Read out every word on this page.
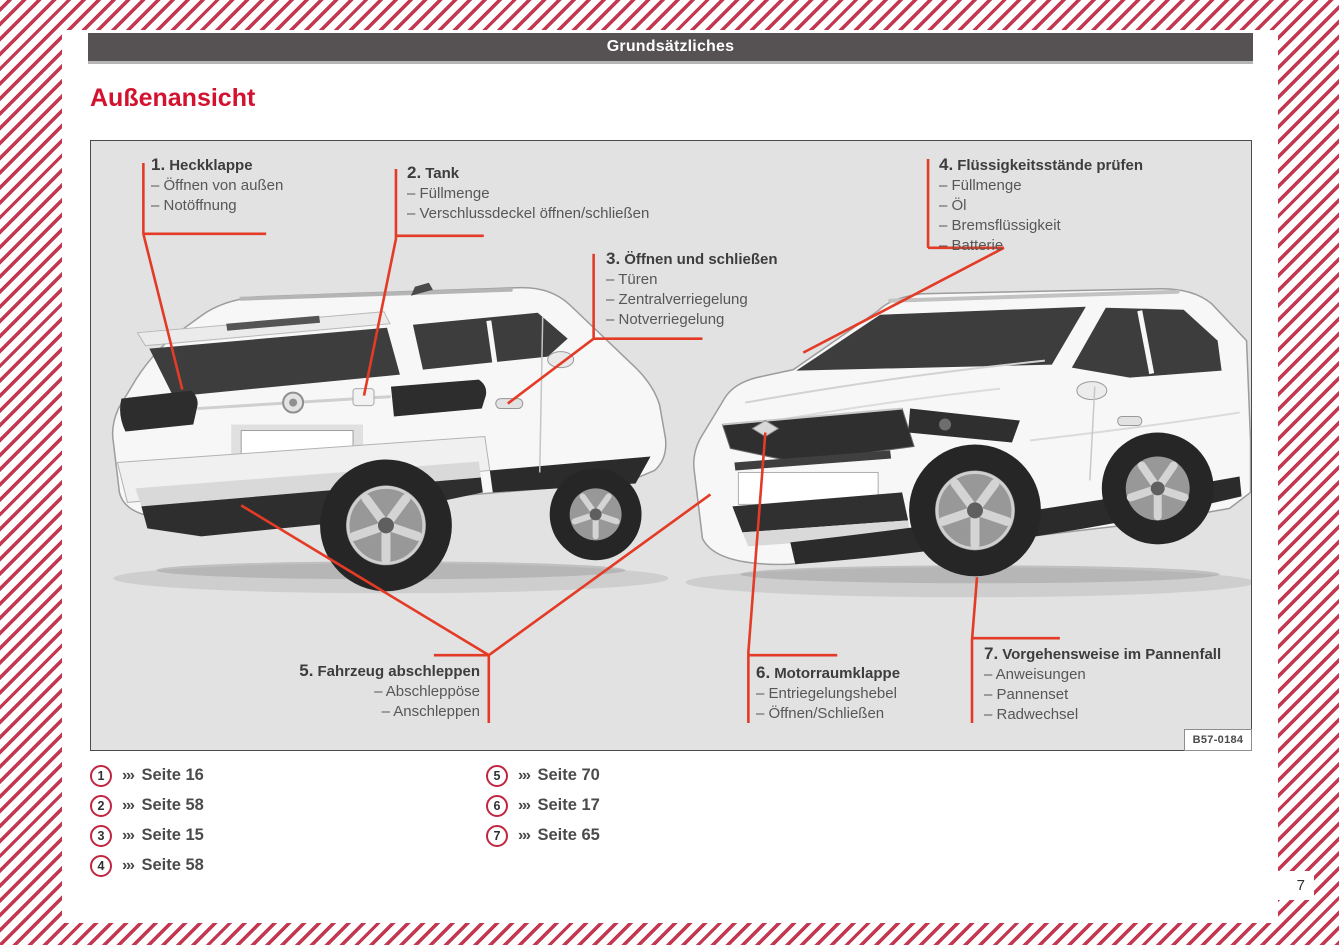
Grundsätzliches
Außenansicht
1. Heckklappe
– Öffnen von außen
– Notöffnung
2. Tank
– Füllmenge
– Verschlussdeckel öffnen/schließen
3. Öffnen und schließen
– Türen
– Zentralverriegelung
– Notverriegelung
4. Flüssigkeitsstände prüfen
– Füllmenge
– Öl
– Bremsflüssigkeit
– Batterie
5. Fahrzeug abschleppen
– Abschleppöse
– Anschleppen
6. Motorraumklappe
– Entriegelungshebel
– Öffnen/Schließen
7. Vorgehensweise im Pannenfall
– Anweisungen
– Pannenset
– Radwechsel
B57-0184
1	››› Seite 16
2	››› Seite 58
3	››› Seite 15
4	››› Seite 58
5	››› Seite 70
6	››› Seite 17
7	››› Seite 65
7
